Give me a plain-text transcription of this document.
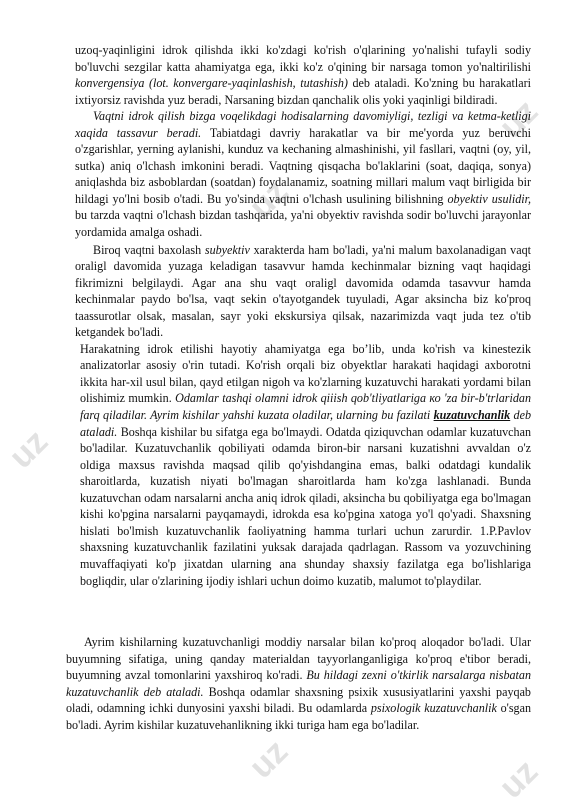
uz
uz
uz
uz	uz

uzoq-yaqinligini idrok qilishda ikki ko'zdagi ko'rish o'qlarining yo'nalishi tufayli sodiy bo'luvchi sezgilar katta ahamiyatga ega, ikki ko'z o'qining bir narsaga tomon yo'naltirilishi konvergensiya (lot. konvergare-yaqinlashish, tutashish) deb ataladi. Ko'zning bu harakatlari ixtiyorsiz ravishda yuz beradi, Narsaning bizdan qanchalik olis yoki yaqinligi bildiradi.

Vaqtni idrok qilish bizga voqelikdagi hodisalarning davomiyligi, tezligi va ketma-ketligi xaqida tassavur beradi. Tabiatdagi davriy harakatlar va bir me'yorda yuz beruvchi o'zgarishlar, yerning aylanishi, kunduz va kechaning almashinishi, yil fasllari, vaqtni (oy, yil, sutka) aniq o'lchash imkonini beradi. Vaqtning qisqacha bo'laklarini (soat, daqiqa, sonya) aniqlashda biz asboblardan (soatdan) foydalanamiz, soatning millari malum vaqt birligida bir hildagi yo'lni bosib o'tadi. Bu yo'sinda vaqtni o'lchash usulining bilishning obyektiv usulidir, bu tarzda vaqtni o'lchash bizdan tashqarida, ya'ni obyektiv ravishda sodir bo'luvchi jarayonlar yordamida amalga oshadi.

Biroq vaqtni baxolash subyektiv xarakterda ham bo'ladi, ya'ni malum baxolanadigan vaqt oraligl davomida yuzaga keladigan tasavvur hamda kechinmalar bizning vaqt haqidagi fikrimizni belgilaydi. Agar ana shu vaqt oraligl davomida odamda tasavvur hamda kechinmalar paydo bo'lsa, vaqt sekin o'tayotgandek tuyuladi, Agar aksincha biz ko'proq taassurotlar olsak, masalan, sayr yoki ekskursiya qilsak, nazarimizda vaqt juda tez o'tib ketgandek bo'ladi.

Harakatning idrok etilishi hayotiy ahamiyatga ega bo’lib, unda ko'rish va kinestezik analizatorlar asosiy o'rin tutadi. Ko'rish orqali biz obyektlar harakati haqidagi axborotni ikkita har-xil usul bilan, qayd etilgan nigoh va ko'zlarning kuzatuvchi harakati yordami bilan olishimiz mumkin. Odamlar tashqi olamni idrok qiiish qob'tliyatlariga ко 'za bir-b'trlaridan farq qiladilar. Ayrim kishilar yahshi kuzata oladilar, ularning bu fazilati kuzatuvchanlik deb ataladi. Boshqa kishilar bu sifatga ega bo'lmaydi. Odatda qiziquvchan odamlar kuzatuvchan bo'ladilar. Kuzatuvchanlik qobiliyati odamda biron-bir narsani kuzatishni avvaldan o'z oldiga maxsus ravishda maqsad qilib qo'yishdangina emas, balki odatdagi kundalik sharoitlarda, kuzatish niyati bo'lmagan sharoitlarda ham ko'zga lashlanadi. Bunda kuzatuvchan odam narsalarni ancha aniq idrok qiladi, aksincha bu qobiliyatga ega bo'lmagan kishi ko'pgina narsalarni payqamaydi, idrokda esa ko'pgina xatoga yo'l qo'yadi. Shaxsning hislati bo'lmish kuzatuvchanlik faoliyatning hamma turlari uchun zarurdir. 1.P.Pavlov shaxsning kuzatuvchanlik fazilatini yuksak darajada qadrlagan. Rassom va yozuvchining muvaffaqiyati ko'p jixatdan ularning ana shunday shaxsiy fazilatga ega bo'lishlariga bogliqdir, ular o'zlarining ijodiy ishlari uchun doimo kuzatib, malumot to'playdilar.

Ayrim kishilarning kuzatuvchanligi moddiy narsalar bilan ko'proq aloqador bo'ladi. Ular buyumning sifatiga, uning qanday materialdan tayyorlanganligiga ko'proq e'tibor beradi, buyumning avzal tomonlarini yaxshiroq ko'radi. Bu hildagi zexni o'tkirlik narsalarga nisbatan kuzatuvchanlik deb ataladi. Boshqa odamlar shaxsning psixik xususiyatlarini yaxshi payqab oladi, odamning ichki dunyosini yaxshi biladi. Bu odamlarda psixologik kuzatuvchanlik o'sgan bo'ladi. Ayrim kishilar kuzatuvehanlikning ikki turiga ham ega bo'ladilar.
